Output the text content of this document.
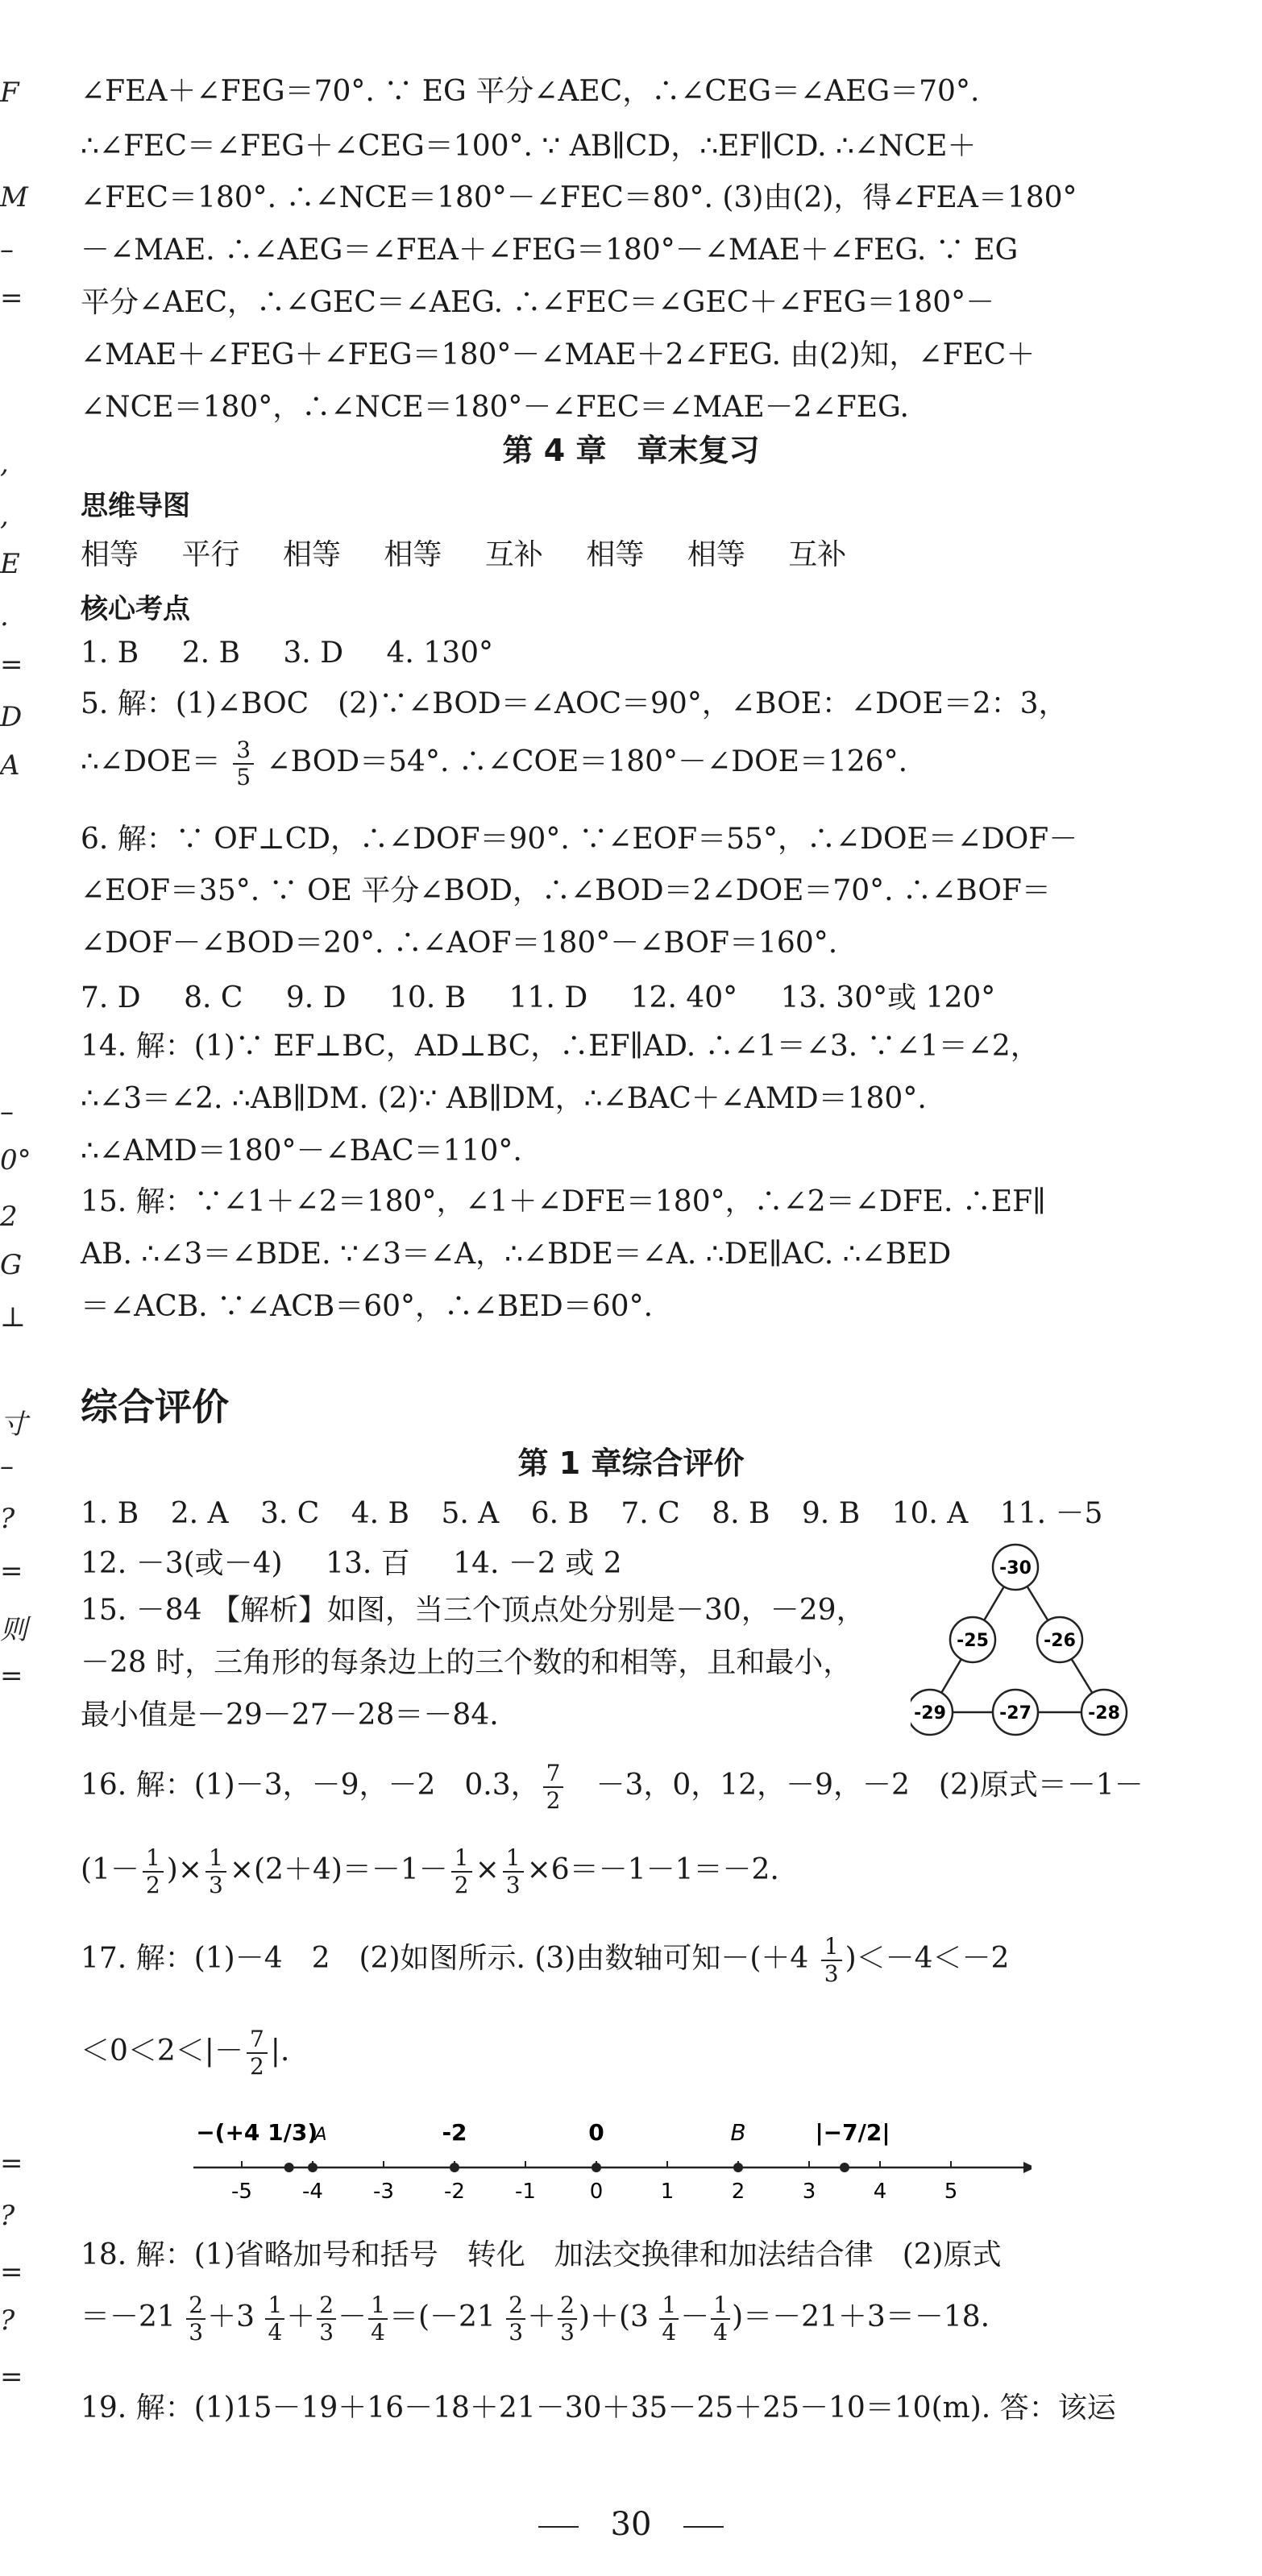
F
M
–
=
,
,
E
.
=
D
A
–
0°
2
G
⊥
寸
–
?
=
则
=
=
?
=
?
=
∠FEA＋∠FEG＝70°. ∵ EG 平分∠AEC，∴∠CEG＝∠AEG＝70°.
∴∠FEC＝∠FEG＋∠CEG＝100°. ∵ AB∥CD，∴EF∥CD. ∴∠NCE＋
∠FEC＝180°. ∴∠NCE＝180°－∠FEC＝80°. (3)由(2)，得∠FEA＝180°
－∠MAE. ∴∠AEG＝∠FEA＋∠FEG＝180°－∠MAE＋∠FEG. ∵ EG
平分∠AEC，∴∠GEC＝∠AEG. ∴∠FEC＝∠GEC＋∠FEG＝180°－
∠MAE＋∠FEG＋∠FEG＝180°－∠MAE＋2∠FEG. 由(2)知，∠FEC＋
∠NCE＝180°，∴∠NCE＝180°－∠FEC＝∠MAE－2∠FEG.
第 4 章　章末复习
思维导图
相等 平行 相等 相等 互补 相等 相等 互补
核心考点
1. B 2. B 3. D 4. 130°
5. 解：(1)∠BOC　(2)∵∠BOD＝∠AOC＝90°，∠BOE：∠DOE＝2：3，
∴∠DOE＝ $\frac{3}{5}$ ∠BOD＝54°. ∴∠COE＝180°－∠DOE＝126°.
6. 解：∵ OF⊥CD，∴∠DOF＝90°. ∵∠EOF＝55°，∴∠DOE＝∠DOF－
∠EOF＝35°. ∵ OE 平分∠BOD，∴∠BOD＝2∠DOE＝70°. ∴∠BOF＝
∠DOF－∠BOD＝20°. ∴∠AOF＝180°－∠BOF＝160°.
7. D 8. C 9. D 10. B 11. D 12. 40° 13. 30°或 120°
14. 解：(1)∵ EF⊥BC，AD⊥BC，∴EF∥AD. ∴∠1＝∠3. ∵∠1＝∠2，
∴∠3＝∠2. ∴AB∥DM. (2)∵ AB∥DM，∴∠BAC＋∠AMD＝180°.
∴∠AMD＝180°－∠BAC＝110°.
15. 解：∵∠1＋∠2＝180°，∠1＋∠DFE＝180°，∴∠2＝∠DFE. ∴EF∥
AB. ∴∠3＝∠BDE. ∵∠3＝∠A，∴∠BDE＝∠A. ∴DE∥AC. ∴∠BED
＝∠ACB. ∵∠ACB＝60°，∴∠BED＝60°.
综合评价
第 1 章综合评价
1. B 2. A 3. C 4. B 5. A 6. B 7. C 8. B 9. B 10. A 11. －5
12. －3(或－4) 13. 百 14. －2 或 2
15. －84 【解析】如图，当三个顶点处分别是－30，－29，
－28 时，三角形的每条边上的三个数的和相等，且和最小，
最小值是－29－27－28＝－84.
-30
-25	-26
-29	-27	-28
16. 解：(1)－3，－9，－2　0.3， $\frac{7}{2}$ 　－3，0，12，－9，－2　(2)原式＝－1－
($1- \frac{1}{2}$ )× $\frac{1}{3} \times(2+4)=-1- \frac{1}{2} \times \frac{1}{3} \times 6=-1-1=-2$.
17. 解：(1)－4　2　(2)如图所示. (3)由数轴可知$-(+4 \frac{1}{3} )<-4<-2$
$<0<2<|- \frac{7}{2}$ |.
-5 -4 -3 -2 -1	0	1	2	3	4	5
−(+4 1/3)
A	-2	0	B	|−7/2|
18. 解：(1)省略加号和括号　转化　加法交换律和加法结合律　(2)原式
$=-21 \frac{2}{3} +3 \frac{1}{4} + \frac{2}{3} - \frac{1}{4} =(-21 \frac{2}{3} + \frac{2}{3} )+(3 \frac{1}{4} - \frac{1}{4} )=-21+3=-18$.
19. 解：(1)15－19＋16－18＋21－30＋35－25＋25－10＝10(m). 答：该运
30
